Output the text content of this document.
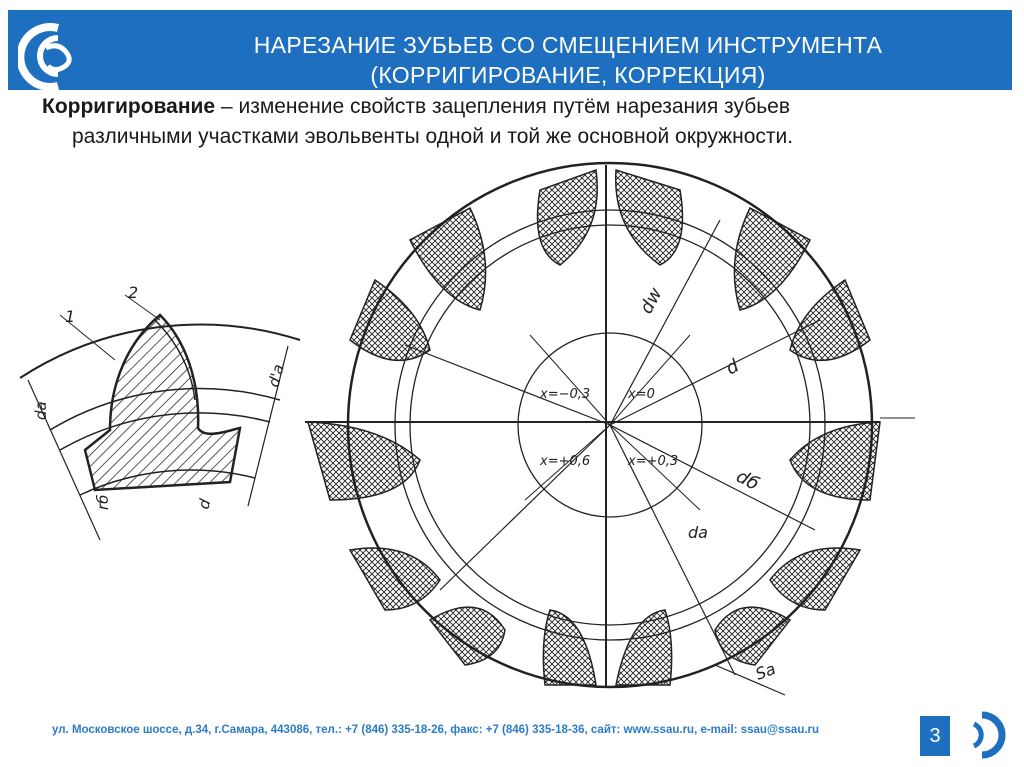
НАРЕЗАНИЕ ЗУБЬЕВ СО СМЕЩЕНИЕМ ИНСТРУМЕНТА
(КОРРИГИРОВАНИЕ, КОРРЕКЦИЯ)
Корригирование – изменение свойств зацепления путём нарезания зубьев
различными участками эвольвенты одной и той же основной окружности.
1
2
dа
d'а
rб	d
dw
d
dб
dа
Sа
x=−0,3	x=0
x=+0,6	x=+0,3
ул. Московское шоссе, д.34, г.Самара, 443086, тел.: +7 (846) 335-18-26, факс: +7 (846) 335-18-36, сайт: www.ssau.ru, e-mail: ssau@ssau.ru	3
